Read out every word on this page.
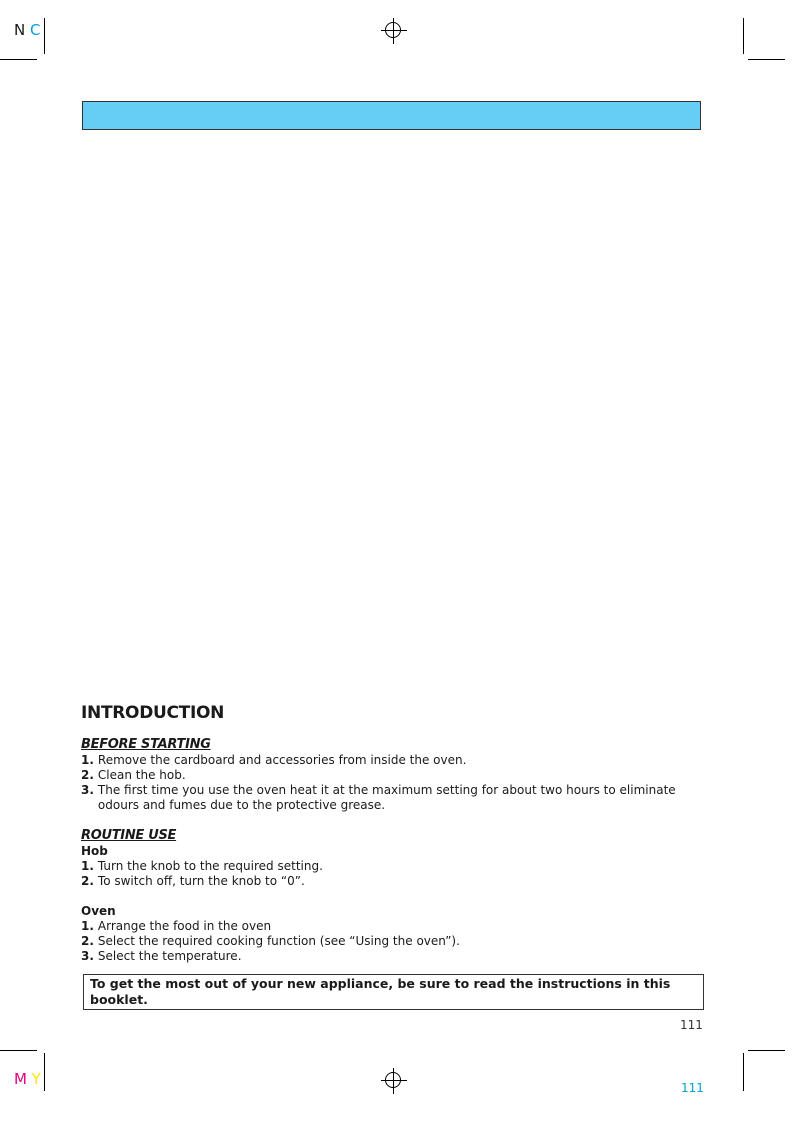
N C
INTRODUCTION
BEFORE STARTING
1. Remove the cardboard and accessories from inside the oven.
2. Clean the hob.
3. The first time you use the oven heat it at the maximum setting for about two hours to eliminate odours and fumes due to the protective grease.
ROUTINE USE
Hob
1. Turn the knob to the required setting.
2. To switch off, turn the knob to “0”.
Oven
1. Arrange the food in the oven
2. Select the required cooking function (see “Using the oven”).
3. Select the temperature.
To get the most out of your new appliance, be sure to read the instructions in this booklet.
111
M Y	111
